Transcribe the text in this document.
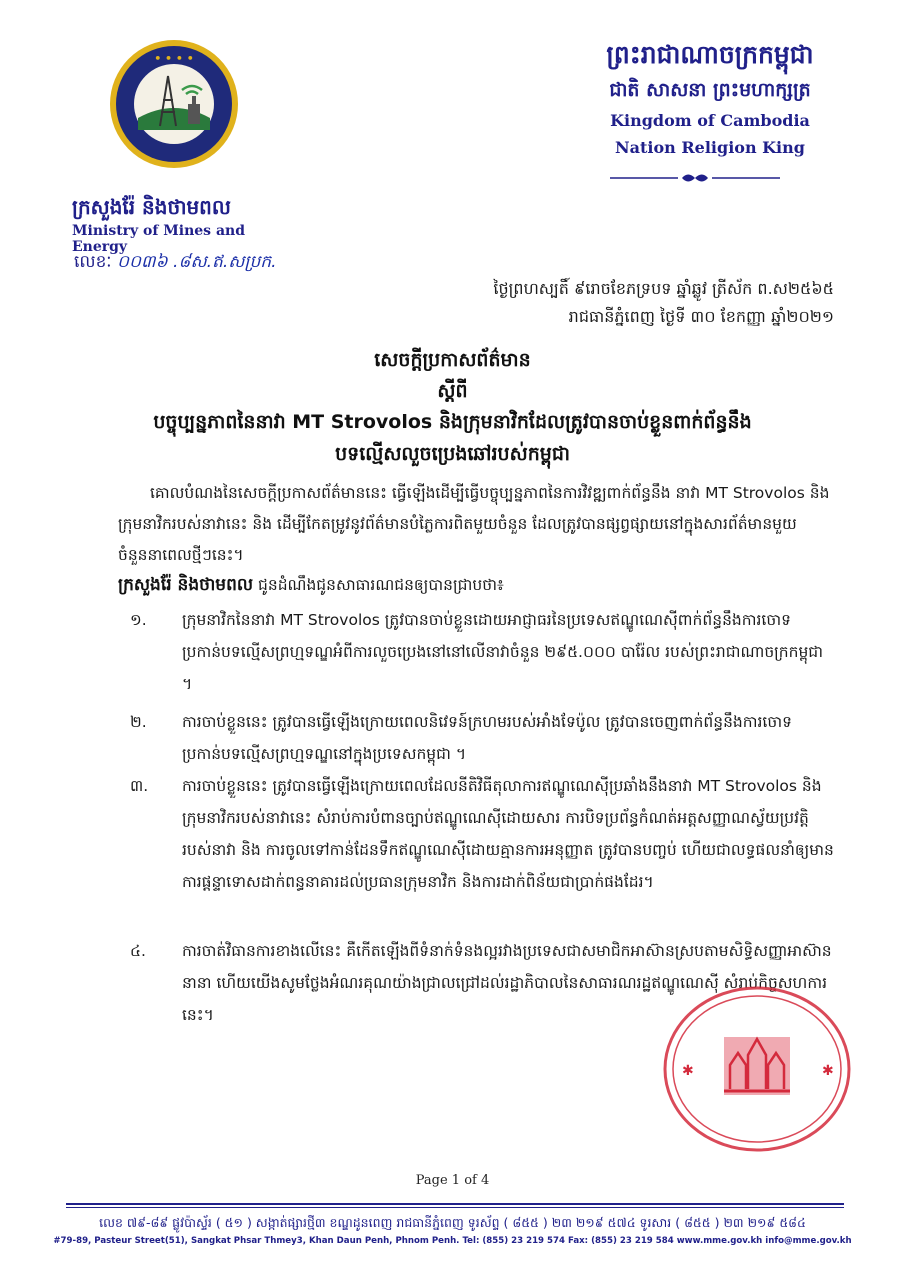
• • • •
ក្រសួងរ៉ែ និងថាមពល
Ministry of Mines and Energy
លេខៈ ០០៣៦ .៨ស.ឥ.សប្រក.
ព្រះរាជាណាចក្រកម្ពុជា
ជាតិ សាសនា ព្រះមហាក្សត្រ
Kingdom of Cambodia
Nation Religion King
ថ្ងៃព្រហស្បតិ៍ ៩រោចខែភទ្របទ ឆ្នាំឆ្លូវ ត្រីស័ក ព.ស២៥៦៥
រាជធានីភ្នំពេញ ថ្ងៃទី ៣០ ខែកញ្ញា ឆ្នាំ២០២១
សេចក្តីប្រកាសព័ត៌មាន
ស្តីពី
បច្ចុប្បន្នភាពនៃនាវា MT Strovolos និងក្រុមនាវិកដែលត្រូវបានចាប់ខ្លួនពាក់ព័ន្ធនឹង
បទល្មើសលួចប្រេងឆៅរបស់កម្ពុជា
គោលបំណងនៃសេចក្តីប្រកាសព័ត៌មាននេះ ធ្វើឡើងដើម្បីធ្វើបច្ចុប្បន្នភាពនៃការវិវឌ្ឍពាក់ព័ន្ធនឹង នាវា MT Strovolos និង ក្រុមនាវិករបស់នាវានេះ និង ដើម្បីកែតម្រូវនូវព័ត៌មានបំភ្លៃការពិតមួយចំនួន ដែលត្រូវបានផ្សព្វផ្សាយនៅក្នុងសារព័ត៌មានមួយចំនួននាពេលថ្មីៗនេះ។
ក្រសួងរ៉ែ និងថាមពល ជូនដំណឹងជូនសាធារណជនឲ្យបានជ្រាបថា៖
១.	ក្រុមនាវិកនៃនាវា MT Strovolos ត្រូវបានចាប់ខ្លួនដោយអាជ្ញាធរនៃប្រទេសឥណ្ឌូណេស៊ីពាក់ព័ន្ធនឹងការចោទប្រកាន់បទល្មើសព្រហ្មទណ្ឌអំពីការលួចប្រេងនៅនៅលើនាវាចំនួន ២៩៥.០០០ បារ៉ែល របស់ព្រះរាជាណាចក្រកម្ពុជា ។
២.	ការចាប់ខ្លួននេះ ត្រូវបានធ្វើឡើងក្រោយពេលនិវេទន៍ក្រហមរបស់អាំងទែប៉ូល ត្រូវបានចេញពាក់ព័ន្ធនឹងការចោទប្រកាន់បទល្មើសព្រហ្មទណ្ឌនៅក្នុងប្រទេសកម្ពុជា ។
៣.	ការចាប់ខ្លួននេះ ត្រូវបានធ្វើឡើងក្រោយពេលដែលនីតិវិធីតុលាការឥណ្ឌូណេស៊ីប្រឆាំងនឹងនាវា MT Strovolos និងក្រុមនាវិករបស់នាវានេះ សំរាប់ការបំពានច្បាប់ឥណ្ឌូណេស៊ីដោយសារ ការបិទប្រព័ន្ធកំណត់អត្តសញ្ញាណស្វ័យប្រវត្តិរបស់នាវា និង ការចូលទៅកាន់ដែនទឹកឥណ្ឌូណេស៊ីដោយគ្មានការអនុញ្ញាត ត្រូវបានបញ្ចប់ ហើយជាលទ្ធផលនាំឲ្យមានការផ្តន្ទាទោសដាក់ពន្ធនាគារដល់ប្រធានក្រុមនាវិក និងការដាក់ពិន័យជាប្រាក់ផងដែរ។
៤.	ការចាត់វិធានការខាងលើនេះ គឺកើតឡើងពីទំនាក់ទំនងល្អរវាងប្រទេសជាសមាជិកអាស៊ានស្របតាមសិទ្ធិសញ្ញាអាស៊ាននានា ហើយយើងសូមថ្លែងអំណរគុណយ៉ាងជ្រាលជ្រៅដល់រដ្ឋាភិបាលនៃសាធារណរដ្ឋឥណ្ឌូណេស៊ី សំរាប់កិច្ចសហការនេះ។
✱	✱
Page 1 of 4
លេខ ៧៩-៨៩ ផ្លូវប៉ាស្ទ័រ ( ៥១ ) សង្កាត់ផ្សារថ្មី៣ ខណ្ឌដូនពេញ រាជធានីភ្នំពេញ ទូរស័ព្ទ ( ៨៥៥ ) ២៣ ២១៩ ៥៧៤ ទូរសារ ( ៨៥៥ ) ២៣ ២១៩ ៥៨៤
#79-89, Pasteur Street(51), Sangkat Phsar Thmey3, Khan Daun Penh, Phnom Penh. Tel: (855) 23 219 574 Fax: (855) 23 219 584 www.mme.gov.kh info@mme.gov.kh
